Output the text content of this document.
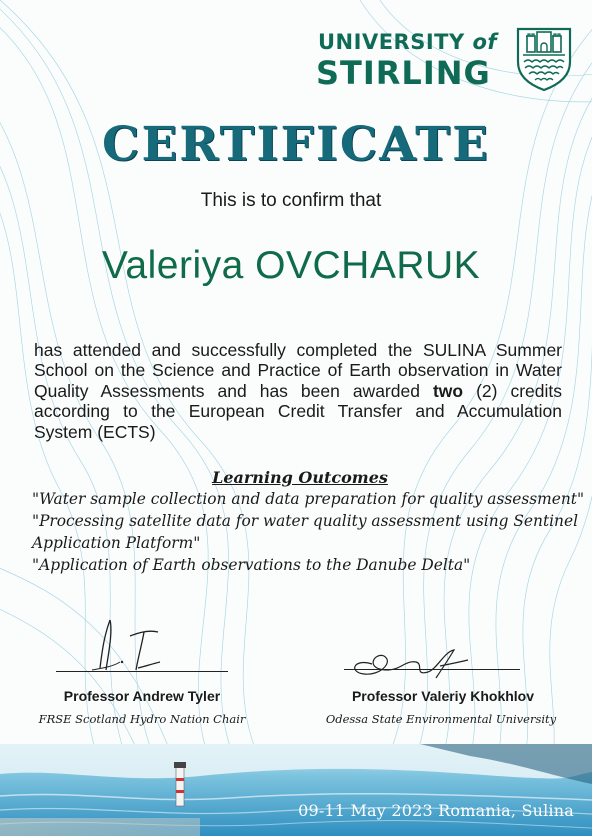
UNIVERSITY of
STIRLING
CERTIFICATE
This is to confirm that
Valeriya OVCHARUK
has attended and successfully completed the SULINA Summer School on the Science and Practice of Earth observation in Water Quality Assessments and has been awarded two (2) credits according to the European Credit Transfer and Accumulation System (ECTS)
Learning Outcomes
"Water sample collection and data preparation for quality assessment"
"Processing satellite data for water quality assessment using Sentinel
Application Platform"
"Application of Earth observations to the Danube Delta"
Professor Andrew Tyler
FRSE Scotland Hydro Nation Chair
Professor Valeriy Khokhlov
Odessa State Environmental University
09-11 May 2023 Romania, Sulina
